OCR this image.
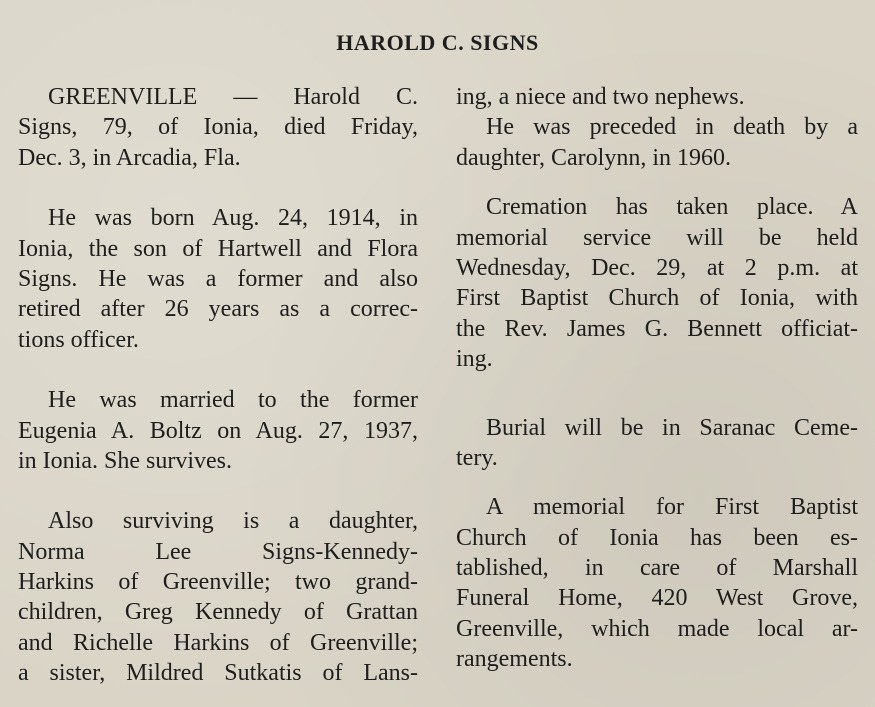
HAROLD C. SIGNS
GREENVILLE — Harold C.
Signs, 79, of Ionia, died Friday,
Dec. 3, in Arcadia, Fla.
He was born Aug. 24, 1914, in
Ionia, the son of Hartwell and Flora
Signs. He was a former and also
retired after 26 years as a correc-
tions officer.
He was married to the former
Eugenia A. Boltz on Aug. 27, 1937,
in Ionia. She survives.
Also surviving is a daughter,
Norma Lee Signs-Kennedy-
Harkins of Greenville; two grand-
children, Greg Kennedy of Grattan
and Richelle Harkins of Greenville;
a sister, Mildred Sutkatis of Lans-
ing, a niece and two nephews.
He was preceded in death by a
daughter, Carolynn, in 1960.
Cremation has taken place. A
memorial service will be held
Wednesday, Dec. 29, at 2 p.m. at
First Baptist Church of Ionia, with
the Rev. James G. Bennett officiat-
ing.
Burial will be in Saranac Ceme-
tery.
A memorial for First Baptist
Church of Ionia has been es-
tablished, in care of Marshall
Funeral Home, 420 West Grove,
Greenville, which made local ar-
rangements.
